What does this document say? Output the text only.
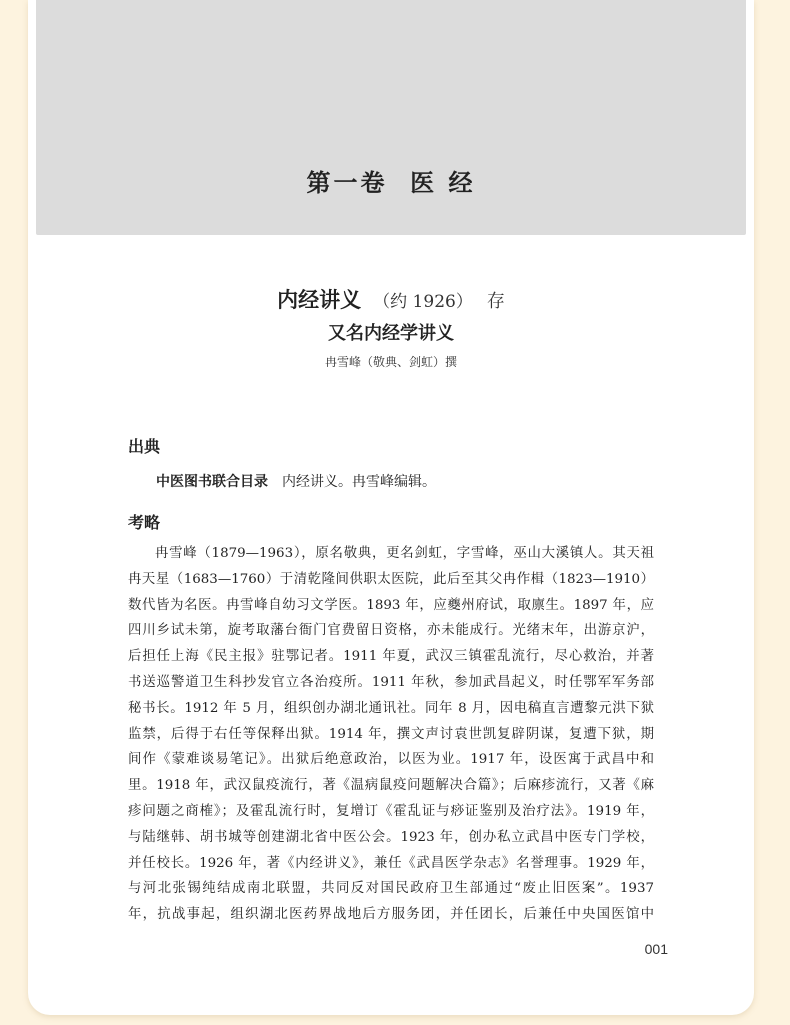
第一卷  医 经
内经讲义 （约 1926） 存
又名内经学讲义
冉雪峰（敬典、剑虹）撰
出典
中医图书联合目录 内经讲义。冉雪峰编辑。
考略
冉雪峰（1879—1963），原名敬典，更名剑虹，字雪峰，巫山大溪镇人。其天祖
冉天星（1683—1760）于清乾隆间供职太医院，此后至其父冉作楫（1823—1910）
数代皆为名医。冉雪峰自幼习文学医。1893 年，应夔州府试，取廪生。1897 年，应
四川乡试未第，旋考取藩台衙门官费留日资格，亦未能成行。光绪末年，出游京沪，
后担任上海《民主报》驻鄂记者。1911 年夏，武汉三镇霍乱流行，尽心救治，并著
书送巡警道卫生科抄发官立各治疫所。1911 年秋，参加武昌起义，时任鄂军军务部
秘书长。1912 年 5 月，组织创办湖北通讯社。同年 8 月，因电稿直言遭黎元洪下狱
监禁，后得于右任等保释出狱。1914 年，撰文声讨袁世凯复辟阴谋，复遭下狱，期
间作《蒙难谈易笔记》。出狱后绝意政治，以医为业。1917 年，设医寓于武昌中和
里。1918 年，武汉鼠疫流行，著《温病鼠疫问题解决合篇》；后麻疹流行，又著《麻
疹问题之商榷》；及霍乱流行时，复增订《霍乱证与痧证鉴别及治疗法》。1919 年，
与陆继韩、胡书城等创建湖北省中医公会。1923 年，创办私立武昌中医专门学校，
并任校长。1926 年，著《内经讲义》，兼任《武昌医学杂志》名誉理事。1929 年，
与河北张锡纯结成南北联盟，共同反对国民政府卫生部通过“废止旧医案”。1937
年，抗战事起，组织湖北医药界战地后方服务团，并任团长，后兼任中央国医馆中
001
